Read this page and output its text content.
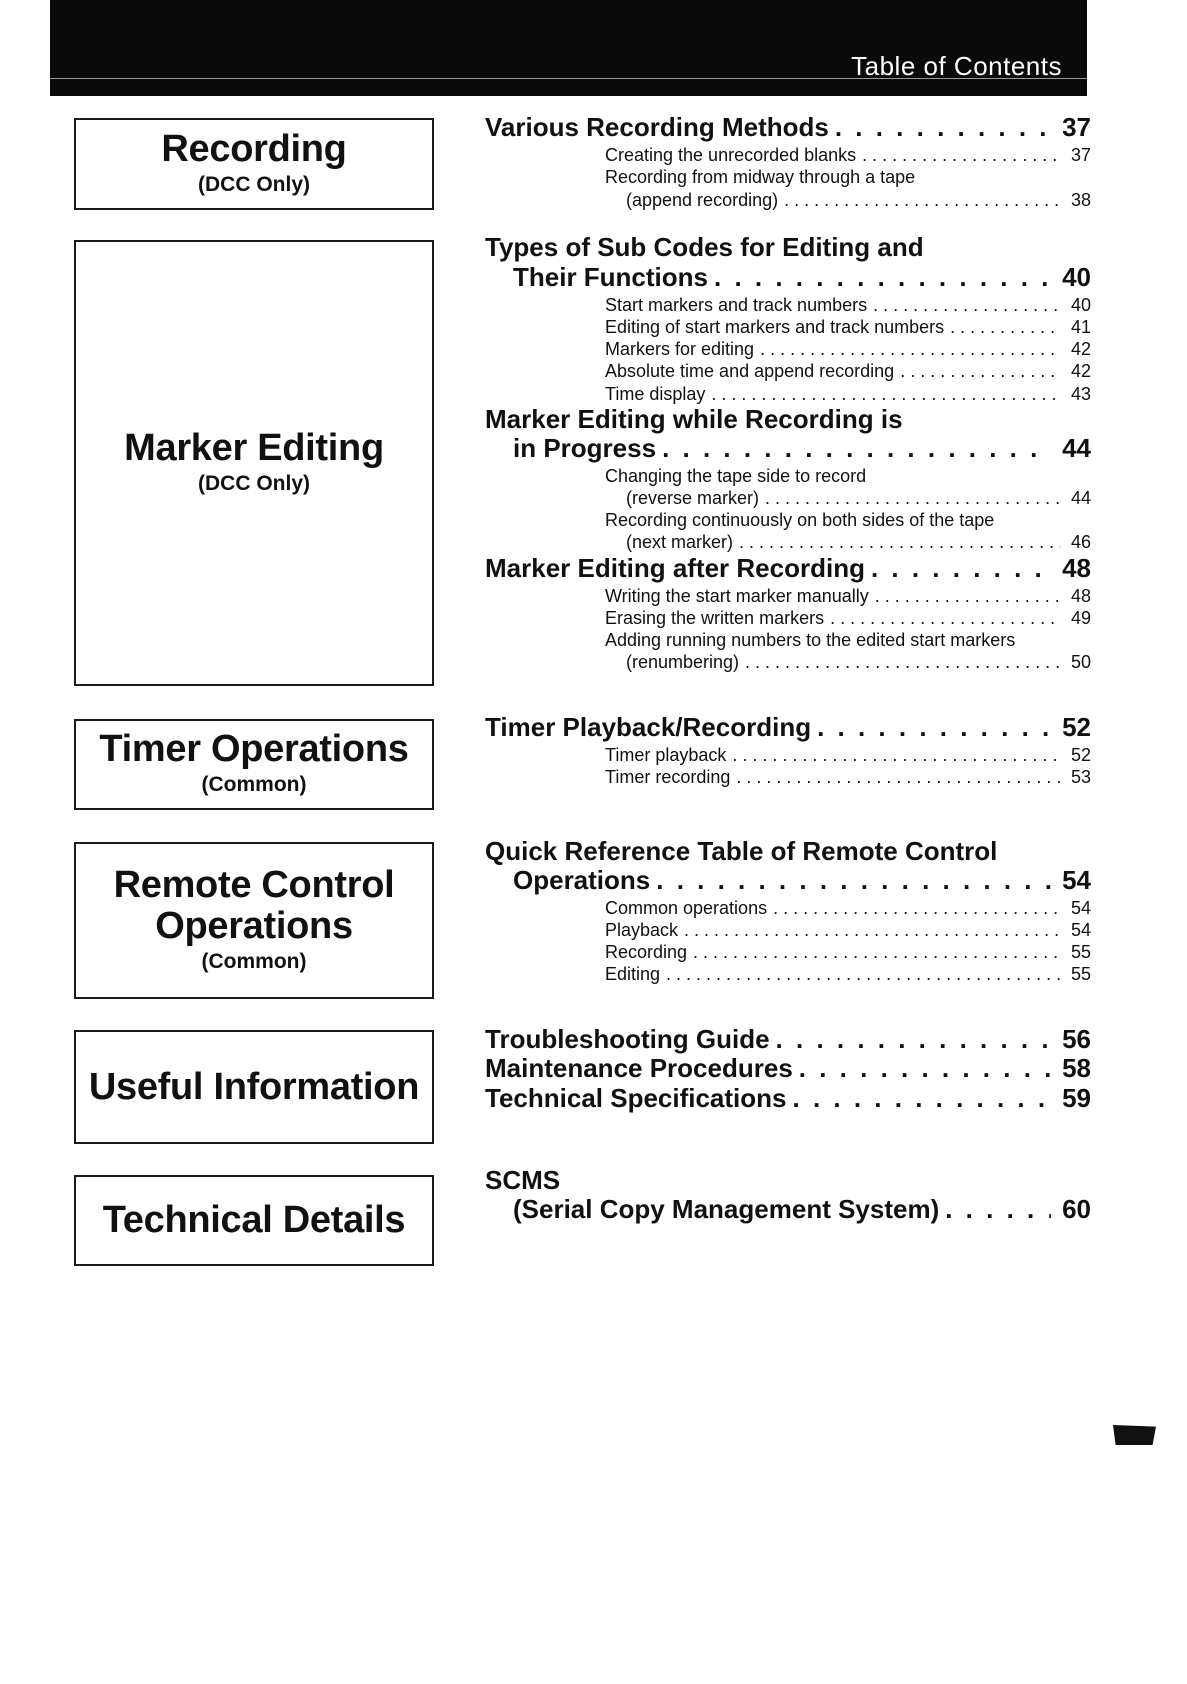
Table of Contents
Recording
(DCC Only)
Marker Editing
(DCC Only)
Timer Operations
(Common)
Remote Control
Operations
(Common)
Useful Information
Technical Details
Various Recording Methods . . .	37
Creating the unrecorded blanks . . .	37
Recording from midway through a tape
(append recording) . . .	38
Types of Sub Codes for Editing and
Their Functions . . .	40
Start markers and track numbers . . .	40
Editing of start markers and track numbers . . .	41
Markers for editing . . .	42
Absolute time and append recording . . .	42
Time display . . .	43
Marker Editing while Recording is
in Progress . . .	44
Changing the tape side to record
(reverse marker) . . .	44
Recording continuously on both sides of the tape
(next marker) . . .	46
Marker Editing after Recording . . .	48
Writing the start marker manually . . .	48
Erasing the written markers . . .	49
Adding running numbers to the edited start markers
(renumbering) . . .	50
Timer Playback/Recording . . .	52
Timer playback . . .	52
Timer recording . . .	53
Quick Reference Table of Remote Control
Operations . . .	54
Common operations . . .	54
Playback . . .	54
Recording . . .	55
Editing . . .	55
Troubleshooting Guide . . .	56
Maintenance Procedures . . .	58
Technical Specifications . . .	59
SCMS
(Serial Copy Management System) . . .	60
